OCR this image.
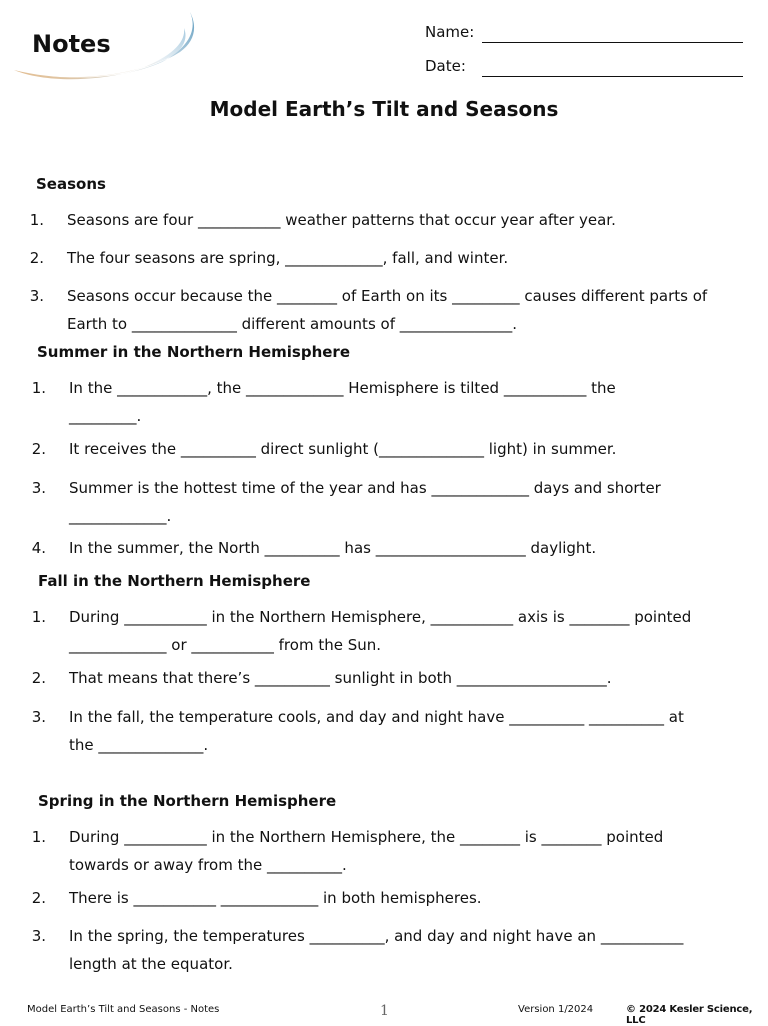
Notes	Name:
Date:
Model Earth’s Tilt and Seasons
Seasons
1. Seasons are four ___________ weather patterns that occur year after year.
2. The four seasons are spring, _____________, fall, and winter.
3. Seasons occur because the ________ of Earth on its _________ causes different parts of
Earth to ______________ different amounts of _______________.
Summer in the Northern Hemisphere
1. In the ____________, the _____________ Hemisphere is tilted ___________ the
_________.
2. It receives the __________ direct sunlight (______________ light) in summer.
3. Summer is the hottest time of the year and has _____________ days and shorter
_____________.
4. In the summer, the North __________ has ____________________ daylight.
Fall in the Northern Hemisphere
1. During ___________ in the Northern Hemisphere, ___________ axis is ________ pointed
_____________ or ___________ from the Sun.
2. That means that there’s __________ sunlight in both ____________________.
3. In the fall, the temperature cools, and day and night have __________ __________ at
the ______________.
Spring in the Northern Hemisphere
1. During ___________ in the Northern Hemisphere, the ________ is ________ pointed
towards or away from the __________.
2. There is ___________ _____________ in both hemispheres.
3. In the spring, the temperatures __________, and day and night have an ___________
length at the equator.
Model Earth’s Tilt and Seasons - Notes	1	Version 1/2024	© 2024 Kesler Science, LLC
